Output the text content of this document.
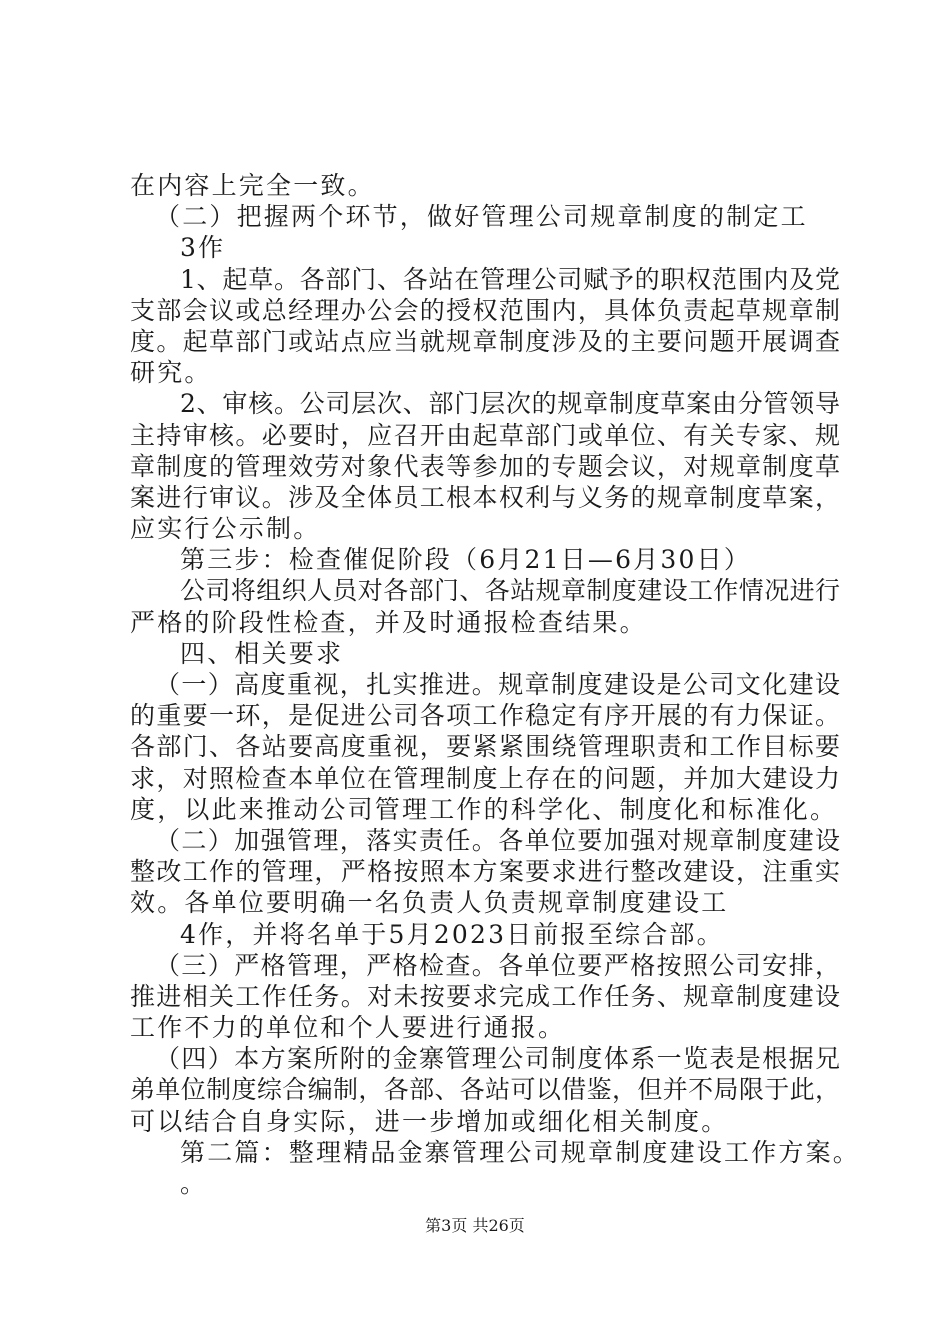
在内容上完全一致。
（二）把握两个环节，做好管理公司规章制度的制定工
3作
1、起草。各部门、各站在管理公司赋予的职权范围内及党
支部会议或总经理办公会的授权范围内，具体负责起草规章制
度。起草部门或站点应当就规章制度涉及的主要问题开展调查
研究。
2、审核。公司层次、部门层次的规章制度草案由分管领导
主持审核。必要时，应召开由起草部门或单位、有关专家、规
章制度的管理效劳对象代表等参加的专题会议，对规章制度草
案进行审议。涉及全体员工根本权利与义务的规章制度草案，
应实行公示制。
第三步：检查催促阶段（6月21日—6月30日）
公司将组织人员对各部门、各站规章制度建设工作情况进行
严格的阶段性检查，并及时通报检查结果。
四、相关要求
（一）高度重视，扎实推进。规章制度建设是公司文化建设
的重要一环，是促进公司各项工作稳定有序开展的有力保证。
各部门、各站要高度重视，要紧紧围绕管理职责和工作目标要
求，对照检查本单位在管理制度上存在的问题，并加大建设力
度，以此来推动公司管理工作的科学化、制度化和标准化。
（二）加强管理，落实责任。各单位要加强对规章制度建设
整改工作的管理，严格按照本方案要求进行整改建设，注重实
效。各单位要明确一名负责人负责规章制度建设工
4作，并将名单于5月2023日前报至综合部。
（三）严格管理，严格检查。各单位要严格按照公司安排，
推进相关工作任务。对未按要求完成工作任务、规章制度建设
工作不力的单位和个人要进行通报。
（四）本方案所附的金寨管理公司制度体系一览表是根据兄
弟单位制度综合编制，各部、各站可以借鉴，但并不局限于此，
可以结合自身实际，进一步增加或细化相关制度。
第二篇：整理精品金寨管理公司规章制度建设工作方案。
。
第3页 共26页
